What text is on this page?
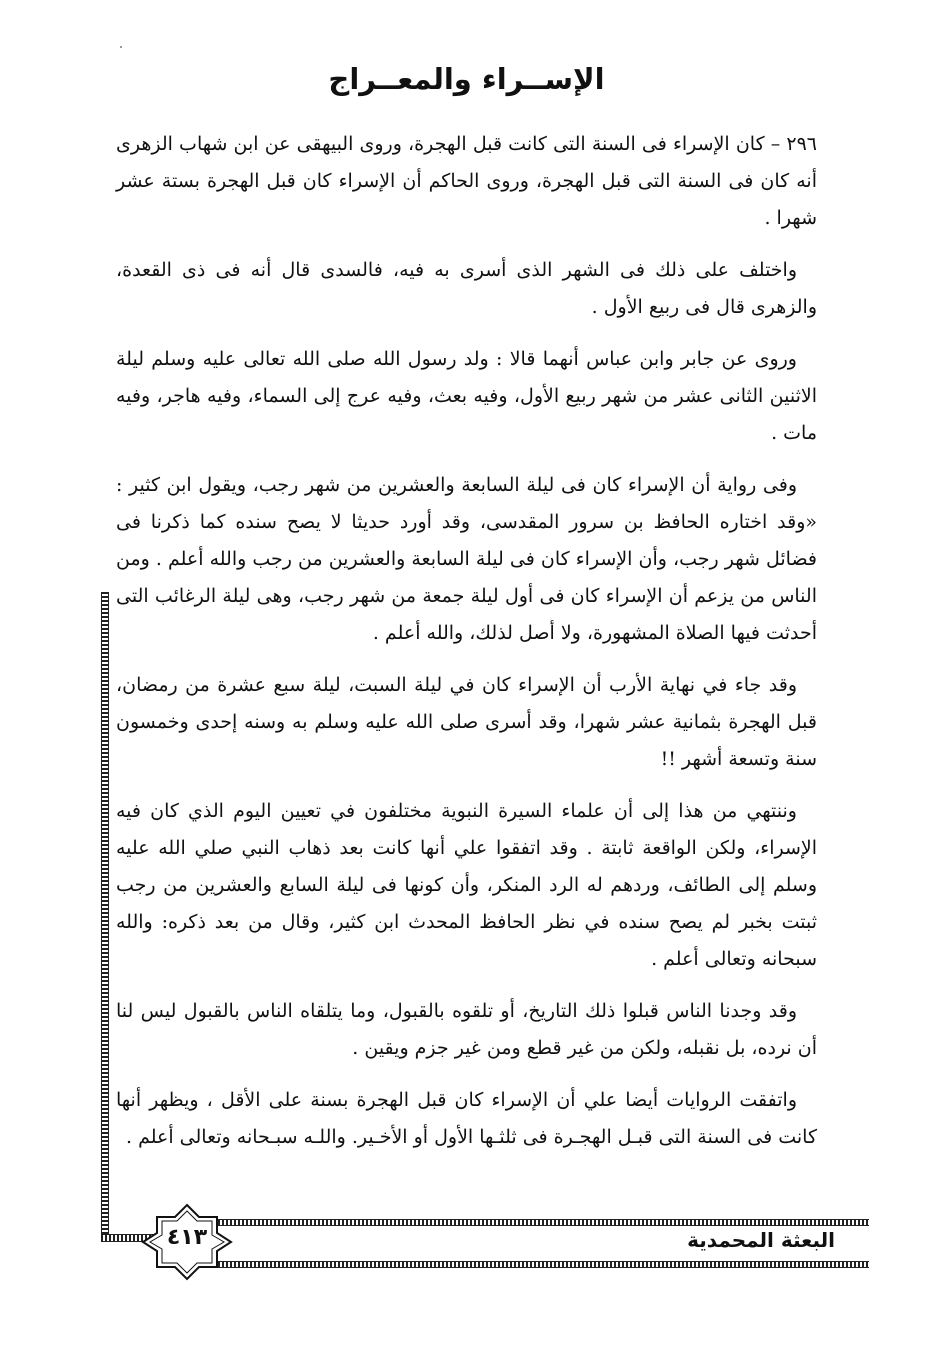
الإســراء والمعــراج

٢٩٦ – كان الإسراء فى السنة التى كانت قبل الهجرة، وروى البيهقى عن ابن شهاب الزهرى أنه كان فى السنة التى قبل الهجرة، وروى الحاكم أن الإسراء كان قبل الهجرة بستة عشر شهرا .

واختلف على ذلك فى الشهر الذى أسرى به فيه، فالسدى قال أنه فى ذى القعدة، والزهرى قال فى ربيع الأول .

وروى عن جابر وابن عباس أنهما قالا : ولد رسول الله صلى الله تعالى عليه وسلم ليلة الاثنين الثانى عشر من شهر ربيع الأول، وفيه بعث، وفيه عرج إلى السماء، وفيه هاجر، وفيه مات .

وفى رواية أن الإسراء كان فى ليلة السابعة والعشرين من شهر رجب، ويقول ابن كثير : «وقد اختاره الحافظ بن سرور المقدسى، وقد أورد حديثا لا يصح سنده كما ذكرنا فى فضائل شهر رجب، وأن الإسراء كان فى ليلة السابعة والعشرين من رجب والله أعلم . ومن الناس من يزعم أن الإسراء كان فى أول ليلة جمعة من شهر رجب، وهى ليلة الرغائب التى أحدثت فيها الصلاة المشهورة، ولا أصل لذلك، والله أعلم .

وقد جاء في نهاية الأرب أن الإسراء كان في ليلة السبت، ليلة سبع عشرة من رمضان، قبل الهجرة بثمانية عشر شهرا، وقد أسرى صلى الله عليه وسلم به وسنه إحدى وخمسون سنة وتسعة أشهر !!

وننتهي من هذا إلى أن علماء السيرة النبوية مختلفون في تعيين اليوم الذي كان فيه الإسراء، ولكن الواقعة ثابتة . وقد اتفقوا علي أنها كانت بعد ذهاب النبي صلي الله عليه وسلم إلى الطائف، وردهم له الرد المنكر، وأن كونها فى ليلة السابع والعشرين من رجب ثبتت بخبر لم يصح سنده في نظر الحافظ المحدث ابن كثير، وقال من بعد ذكره: والله سبحانه وتعالى أعلم .

وقد وجدنا الناس قبلوا ذلك التاريخ، أو تلقوه بالقبول، وما يتلقاه الناس بالقبول ليس لنا أن نرده، بل نقبله، ولكن من غير قطع ومن غير جزم ويقين .

واتفقت الروايات أيضا علي أن الإسراء كان قبل الهجرة بسنة على الأقل ، ويظهر أنها كانت فى السنة التى قبـل الهجـرة فى ثلثـها الأول أو الأخـير. واللـه سبـحانه وتعالى أعلم .

٤١٣	البعثة المحمدية
